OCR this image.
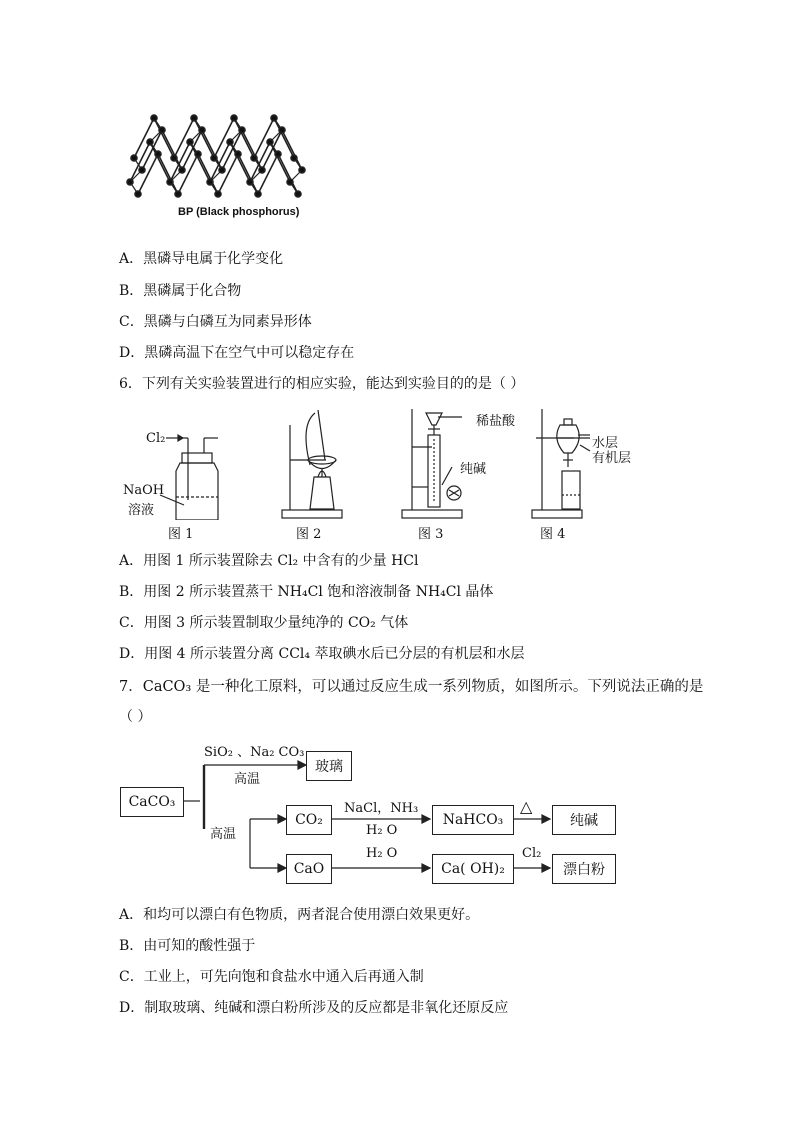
BP (Black phosphorus)
A．黑磷导电属于化学变化
B．黑磷属于化合物
C．黑磷与白磷互为同素异形体
D．黑磷高温下在空气中可以稳定存在
6．下列有关实验装置进行的相应实验，能达到实验目的的是（ ）
Cl₂
NaOH
溶液
图 1	图 2
稀盐酸
纯碱
图 3
水层
有机层
图 4
A．用图 1 所示装置除去 Cl₂ 中含有的少量 HCl
B．用图 2 所示装置蒸干 NH₄Cl 饱和溶液制备 NH₄Cl 晶体
C．用图 3 所示装置制取少量纯净的 CO₂ 气体
D．用图 4 所示装置分离 CCl₄ 萃取碘水后已分层的有机层和水层
7．CaCO₃ 是一种化工原料，可以通过反应生成一系列物质，如图所示。下列说法正确的是
（ ）
CaCO₃
SiO₂ 、Na₂ CO₃
高温
玻璃
高温
CO₂
NaCl，NH₃
H₂ O
NaHCO₃
△
纯碱
CaO
H₂ O
Ca( OH)₂
Cl₂
漂白粉
A．和均可以漂白有色物质，两者混合使用漂白效果更好。
B．由可知的酸性强于
C．工业上，可先向饱和食盐水中通入后再通入制
D．制取玻璃、纯碱和漂白粉所涉及的反应都是非氧化还原反应
